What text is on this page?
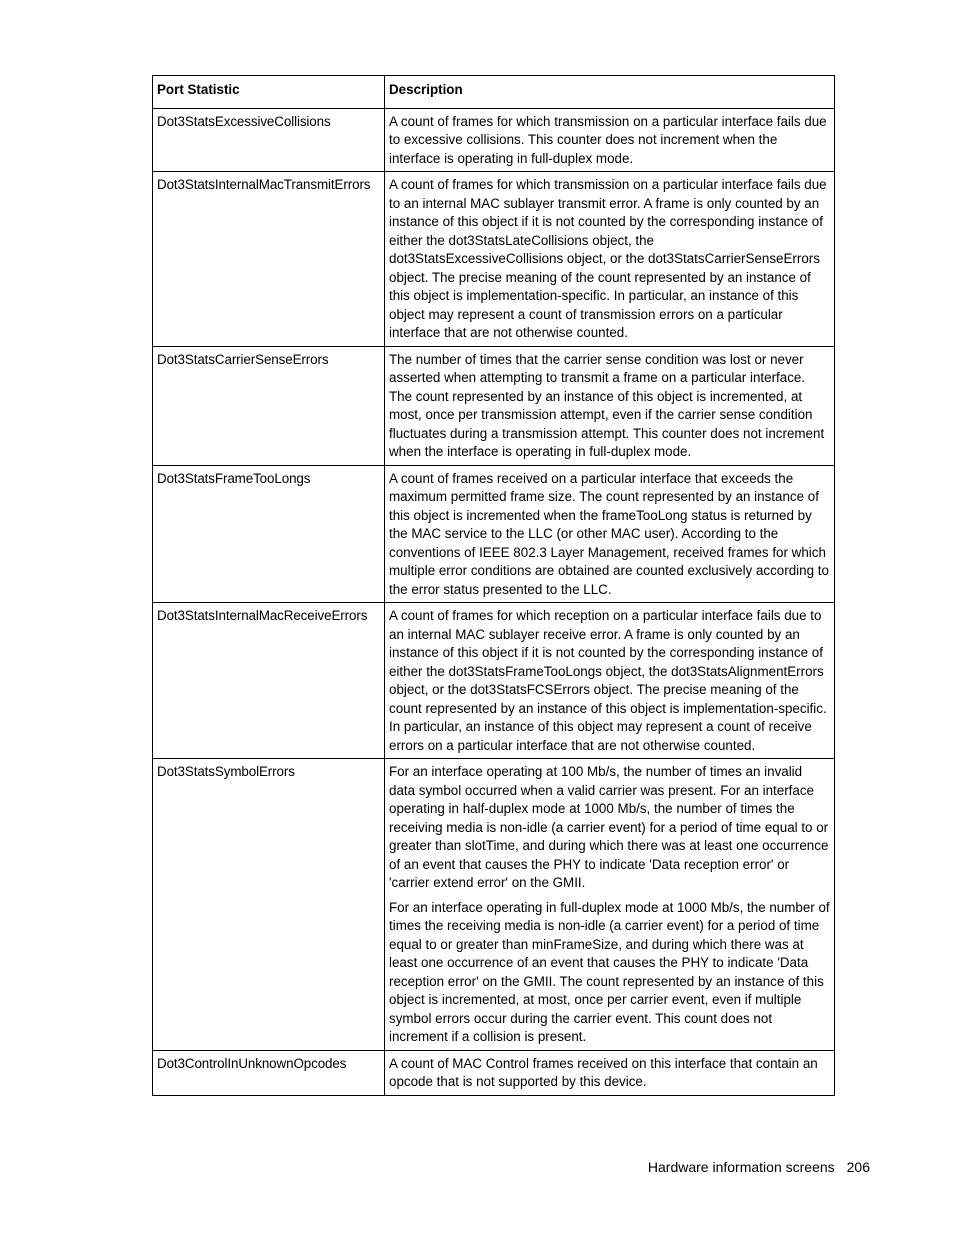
Port Statistic	Description
Dot3StatsExcessiveCollisions	A count of frames for which transmission on a particular interface fails due to excessive collisions. This counter does not increment when the interface is operating in full-duplex mode.

Dot3StatsInternalMacTransmitErrors	A count of frames for which transmission on a particular interface fails due to an internal MAC sublayer transmit error. A frame is only counted by an instance of this object if it is not counted by the corresponding instance of either the dot3StatsLateCollisions object, the dot3StatsExcessiveCollisions object, or the dot3StatsCarrierSenseErrors object. The precise meaning of the count represented by an instance of this object is implementation-specific. In particular, an instance of this object may represent a count of transmission errors on a particular interface that are not otherwise counted.

Dot3StatsCarrierSenseErrors	The number of times that the carrier sense condition was lost or never asserted when attempting to transmit a frame on a particular interface. The count represented by an instance of this object is incremented, at most, once per transmission attempt, even if the carrier sense condition fluctuates during a transmission attempt. This counter does not increment when the interface is operating in full-duplex mode.

Dot3StatsFrameTooLongs	A count of frames received on a particular interface that exceeds the maximum permitted frame size. The count represented by an instance of this object is incremented when the frameTooLong status is returned by the MAC service to the LLC (or other MAC user). According to the conventions of IEEE 802.3 Layer Management, received frames for which multiple error conditions are obtained are counted exclusively according to the error status presented to the LLC.

Dot3StatsInternalMacReceiveErrors	A count of frames for which reception on a particular interface fails due to an internal MAC sublayer receive error. A frame is only counted by an instance of this object if it is not counted by the corresponding instance of either the dot3StatsFrameTooLongs object, the dot3StatsAlignmentErrors object, or the dot3StatsFCSErrors object. The precise meaning of the count represented by an instance of this object is implementation-specific. In particular, an instance of this object may represent a count of receive errors on a particular interface that are not otherwise counted.

Dot3StatsSymbolErrors	For an interface operating at 100 Mb/s, the number of times an invalid data symbol occurred when a valid carrier was present. For an interface operating in half-duplex mode at 1000 Mb/s, the number of times the receiving media is non-idle (a carrier event) for a period of time equal to or greater than slotTime, and during which there was at least one occurrence of an event that causes the PHY to indicate 'Data reception error' or 'carrier extend error' on the GMII.

For an interface operating in full-duplex mode at 1000 Mb/s, the number of times the receiving media is non-idle (a carrier event) for a period of time equal to or greater than minFrameSize, and during which there was at least one occurrence of an event that causes the PHY to indicate 'Data reception error' on the GMII. The count represented by an instance of this object is incremented, at most, once per carrier event, even if multiple symbol errors occur during the carrier event. This count does not increment if a collision is present.

Dot3ControlInUnknownOpcodes	A count of MAC Control frames received on this interface that contain an opcode that is not supported by this device.

Hardware information screens 206
